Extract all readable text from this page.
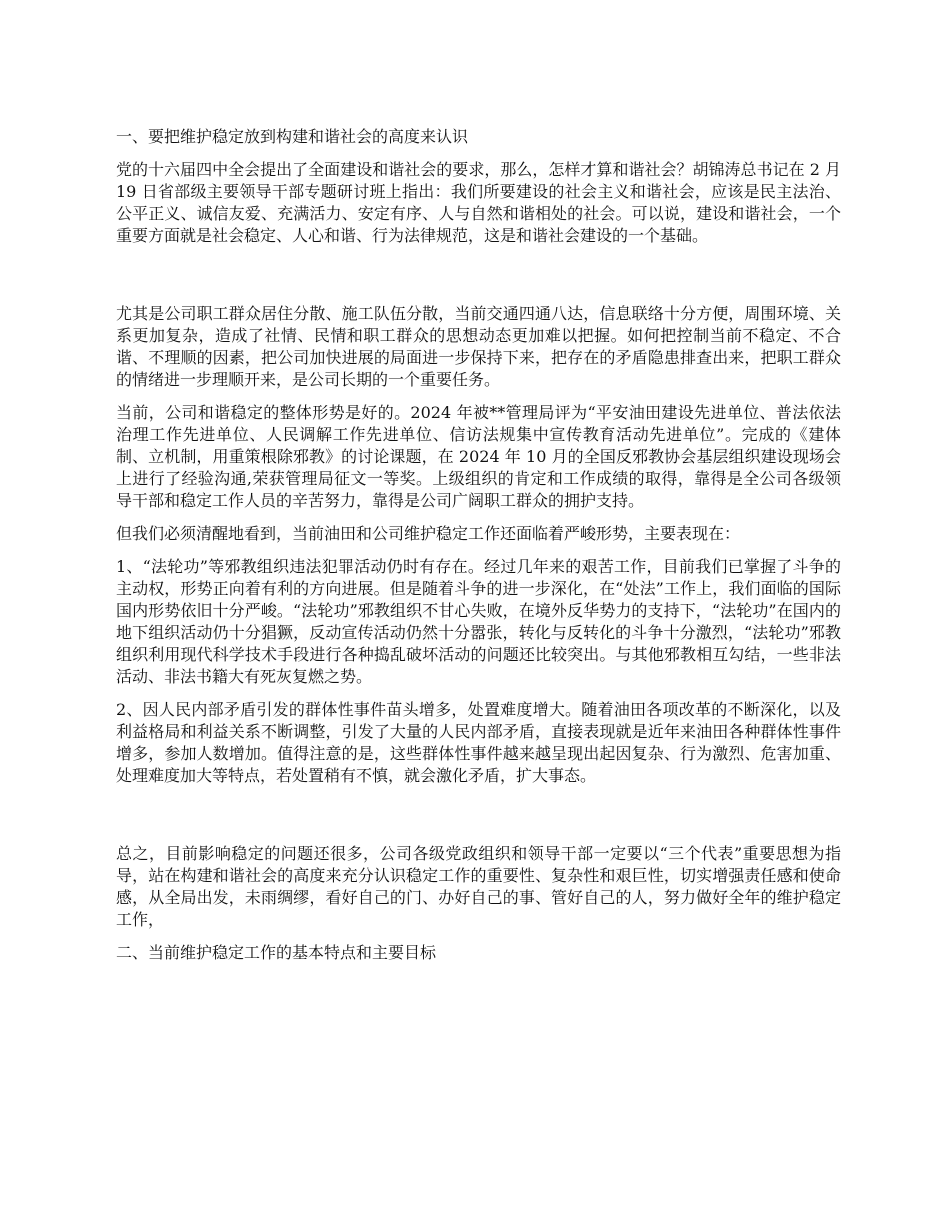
一、要把维护稳定放到构建和谐社会的高度来认识

党的十六届四中全会提出了全面建设和谐社会的要求，那么，怎样才算和谐社会？胡锦涛总书记在 2 月 19 日省部级主要领导干部专题研讨班上指出：我们所要建设的社会主义和谐社会，应该是民主法治、公平正义、诚信友爱、充满活力、安定有序、人与自然和谐相处的社会。可以说，建设和谐社会，一个重要方面就是社会稳定、人心和谐、行为法律规范，这是和谐社会建设的一个基础。

尤其是公司职工群众居住分散、施工队伍分散，当前交通四通八达，信息联络十分方便，周围环境、关系更加复杂，造成了社情、民情和职工群众的思想动态更加难以把握。如何把控制当前不稳定、不合谐、不理顺的因素，把公司加快进展的局面进一步保持下来，把存在的矛盾隐患排查出来，把职工群众的情绪进一步理顺开来，是公司长期的一个重要任务。

当前，公司和谐稳定的整体形势是好的。2024 年被**管理局评为“平安油田建设先进单位、普法依法治理工作先进单位、人民调解工作先进单位、信访法规集中宣传教育活动先进单位”。完成的《建体制、立机制，用重策根除邪教》的讨论课题，在 2024 年 10 月的全国反邪教协会基层组织建设现场会上进行了经验沟通,荣获管理局征文一等奖。上级组织的肯定和工作成绩的取得，靠得是全公司各级领导干部和稳定工作人员的辛苦努力，靠得是公司广阔职工群众的拥护支持。

但我们必须清醒地看到，当前油田和公司维护稳定工作还面临着严峻形势，主要表现在：

1、“法轮功”等邪教组织违法犯罪活动仍时有存在。经过几年来的艰苦工作，目前我们已掌握了斗争的主动权，形势正向着有利的方向进展。但是随着斗争的进一步深化，在“处法”工作上，我们面临的国际国内形势依旧十分严峻。“法轮功”邪教组织不甘心失败，在境外反华势力的支持下，“法轮功”在国内的地下组织活动仍十分猖獗，反动宣传活动仍然十分嚣张，转化与反转化的斗争十分激烈，“法轮功”邪教组织利用现代科学技术手段进行各种捣乱破坏活动的问题还比较突出。与其他邪教相互勾结，一些非法活动、非法书籍大有死灰复燃之势。

2、因人民内部矛盾引发的群体性事件苗头增多，处置难度增大。随着油田各项改革的不断深化，以及利益格局和利益关系不断调整，引发了大量的人民内部矛盾，直接表现就是近年来油田各种群体性事件增多，参加人数增加。值得注意的是，这些群体性事件越来越呈现出起因复杂、行为激烈、危害加重、处理难度加大等特点，若处置稍有不慎，就会激化矛盾，扩大事态。

总之，目前影响稳定的问题还很多，公司各级党政组织和领导干部一定要以“三个代表”重要思想为指导，站在构建和谐社会的高度来充分认识稳定工作的重要性、复杂性和艰巨性，切实增强责任感和使命感，从全局出发，未雨绸缪，看好自己的门、办好自己的事、管好自己的人，努力做好全年的维护稳定工作，

二、当前维护稳定工作的基本特点和主要目标
